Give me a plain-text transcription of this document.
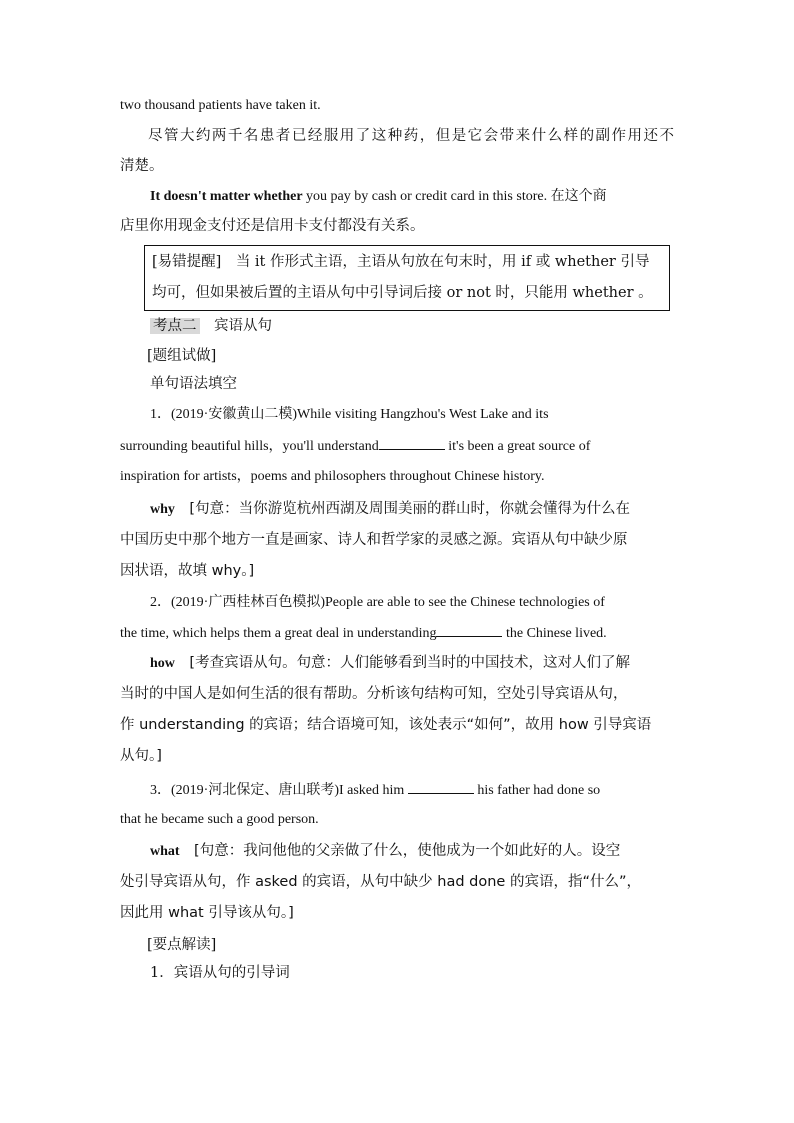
two thousand patients have taken it.
尽管大约两千名患者已经服用了这种药，但是它会带来什么样的副作用还不
清楚。
It doesn't matter whether you pay by cash or credit card in this store. 在这个商
店里你用现金支付还是信用卡支付都没有关系。
[易错提醒]　当 it 作形式主语，主语从句放在句末时，用 if 或 whether 引导
均可，但如果被后置的主语从句中引导词后接 or not 时，只能用 whether 。
考点二　 宾语从句
[题组试做]
单句语法填空
1．(2019·安徽黄山二模)While visiting Hangzhou's West Lake and its
surrounding beautiful hills，you'll understand	it's been a great source of
inspiration for artists，poems and philosophers throughout Chinese history.
why　[句意：当你游览杭州西湖及周围美丽的群山时，你就会懂得为什么在
中国历史中那个地方一直是画家、诗人和哲学家的灵感之源。宾语从句中缺少原
因状语，故填 why。]
2．(2019·广西桂林百色模拟)People are able to see the Chinese technologies of
the time, which helps them a great deal in understanding	the Chinese lived.
how　[考查宾语从句。句意：人们能够看到当时的中国技术，这对人们了解
当时的中国人是如何生活的很有帮助。分析该句结构可知，空处引导宾语从句，
作 understanding 的宾语；结合语境可知，该处表示“如何”，故用 how 引导宾语
从句。]
3．(2019·河北保定、唐山联考)I asked him	his father had done so
that he became such a good person.
what　[句意：我问他他的父亲做了什么，使他成为一个如此好的人。设空
处引导宾语从句，作 asked 的宾语，从句中缺少 had done 的宾语，指“什么”，
因此用 what 引导该从句。]
[要点解读]
1．宾语从句的引导词
